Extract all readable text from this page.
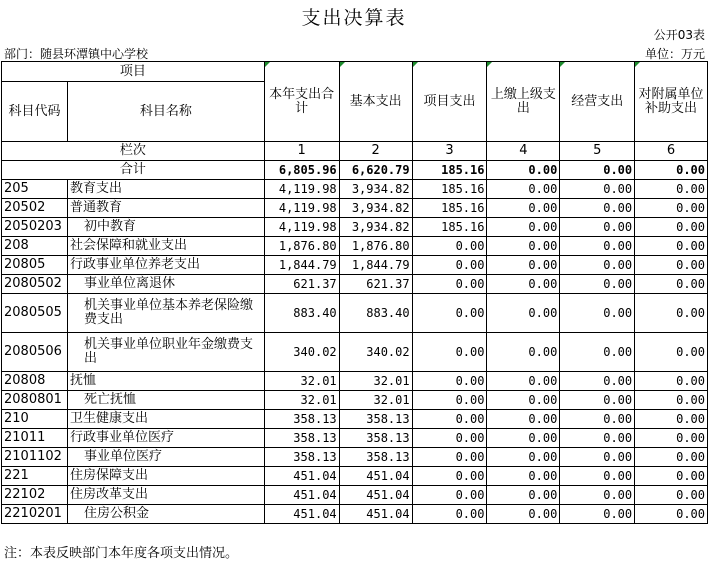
支出决算表
公开03表
部门：随县环潭镇中心学校	单位：万元
项目		本年支出合计	基本支出	项目支出	上缴上级支出	经营支出	对附属单位补助支出
科目代码	科目名称						
栏次		1	2	3	4	5	6
合计		6,805.96	6,620.79	185.16	0.00	0.00	0.00
205	教育支出	4,119.98	3,934.82	185.16	0.00	0.00	0.00
20502	普通教育	4,119.98	3,934.82	185.16	0.00	0.00	0.00
2050203	初中教育	4,119.98	3,934.82	185.16	0.00	0.00	0.00
208	社会保障和就业支出	1,876.80	1,876.80	0.00	0.00	0.00	0.00
20805	行政事业单位养老支出	1,844.79	1,844.79	0.00	0.00	0.00	0.00
2080502	事业单位离退休	621.37	621.37	0.00	0.00	0.00	0.00
2080505	机关事业单位基本养老保险缴费支出	883.40	883.40	0.00	0.00	0.00	0.00
2080506	机关事业单位职业年金缴费支出	340.02	340.02	0.00	0.00	0.00	0.00
20808	抚恤	32.01	32.01	0.00	0.00	0.00	0.00
2080801	死亡抚恤	32.01	32.01	0.00	0.00	0.00	0.00
210	卫生健康支出	358.13	358.13	0.00	0.00	0.00	0.00
21011	行政事业单位医疗	358.13	358.13	0.00	0.00	0.00	0.00
2101102	事业单位医疗	358.13	358.13	0.00	0.00	0.00	0.00
221	住房保障支出	451.04	451.04	0.00	0.00	0.00	0.00
22102	住房改革支出	451.04	451.04	0.00	0.00	0.00	0.00
2210201	住房公积金	451.04	451.04	0.00	0.00	0.00	0.00
注：本表反映部门本年度各项支出情况。
